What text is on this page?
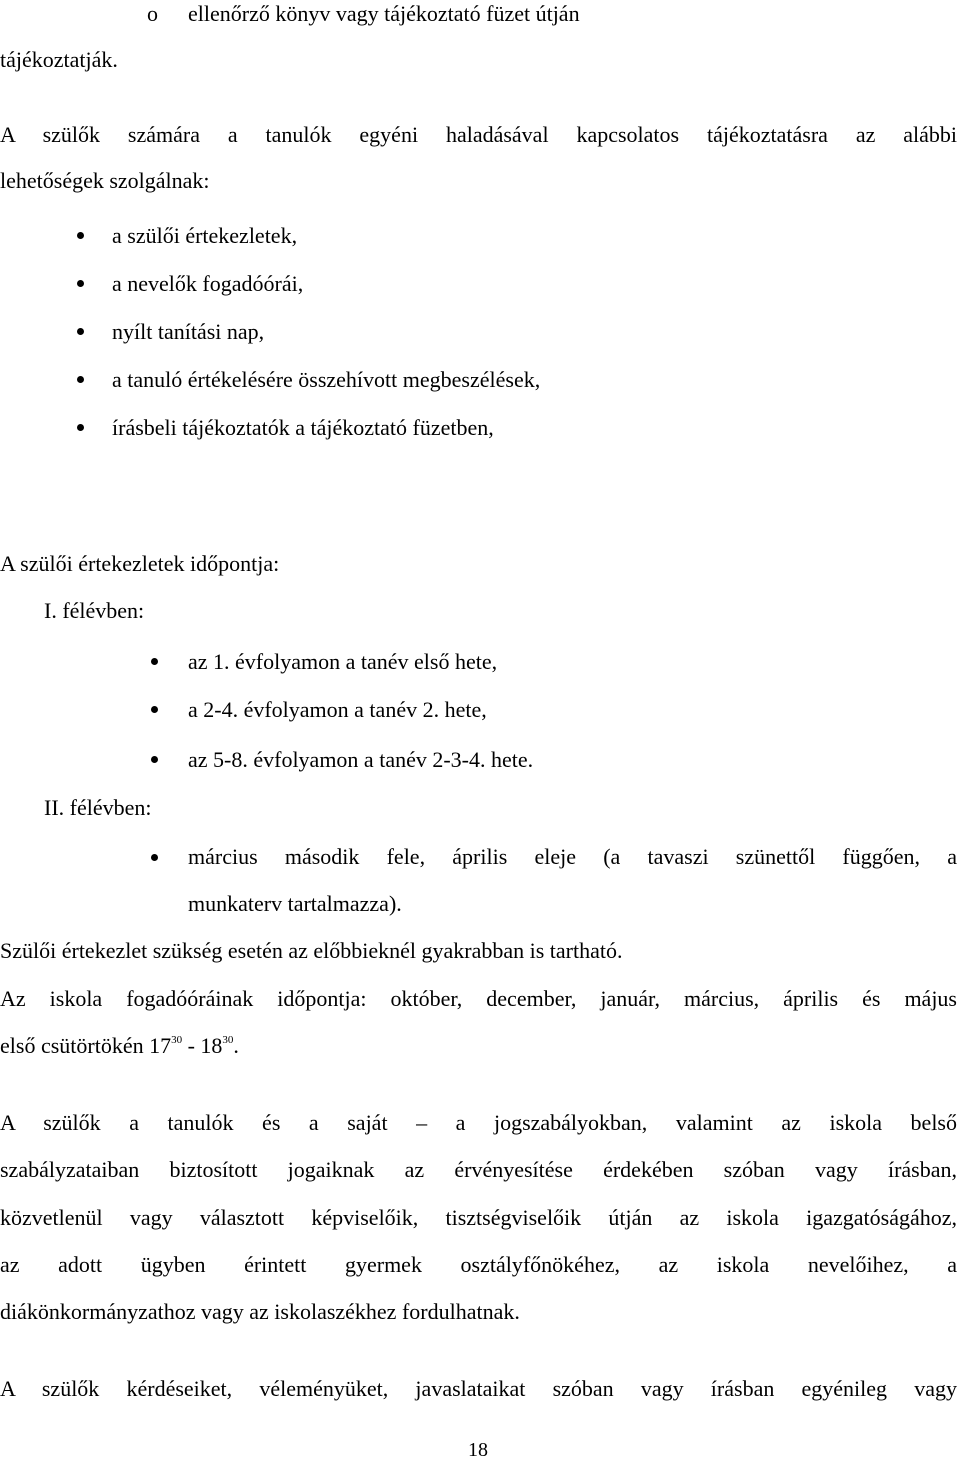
o ellenőrző könyv vagy tájékoztató füzet útján
tájékoztatják.
A szülők számára a tanulók egyéni haladásával kapcsolatos tájékoztatásra az alábbi
lehetőségek szolgálnak:
a szülői értekezletek,
a nevelők fogadóórái,
nyílt tanítási nap,
a tanuló értékelésére összehívott megbeszélések,
írásbeli tájékoztatók a tájékoztató füzetben,
A szülői értekezletek időpontja:
I. félévben:
az 1. évfolyamon a tanév első hete,
a 2-4. évfolyamon a tanév 2. hete,
az 5-8. évfolyamon a tanév 2-3-4. hete.
II. félévben:
március második fele, április eleje (a tavaszi szünettől függően, a
munkaterv tartalmazza).
Szülői értekezlet szükség esetén az előbbieknél gyakrabban is tartható.
Az iskola fogadóóráinak időpontja: október, december, január, március, április és május
első csütörtökén $17^{30} - 18^{30}$.
A szülők a tanulók és a saját – a jogszabályokban, valamint az iskola belső
szabályzataiban biztosított jogaiknak az érvényesítése érdekében szóban vagy írásban,
közvetlenül vagy választott képviselőik, tisztségviselőik útján az iskola igazgatóságához,
az adott ügyben érintett gyermek osztályfőnökéhez, az iskola nevelőihez, a
diákönkormányzathoz vagy az iskolaszékhez fordulhatnak.
A szülők kérdéseiket, véleményüket, javaslataikat szóban vagy írásban egyénileg vagy
18
